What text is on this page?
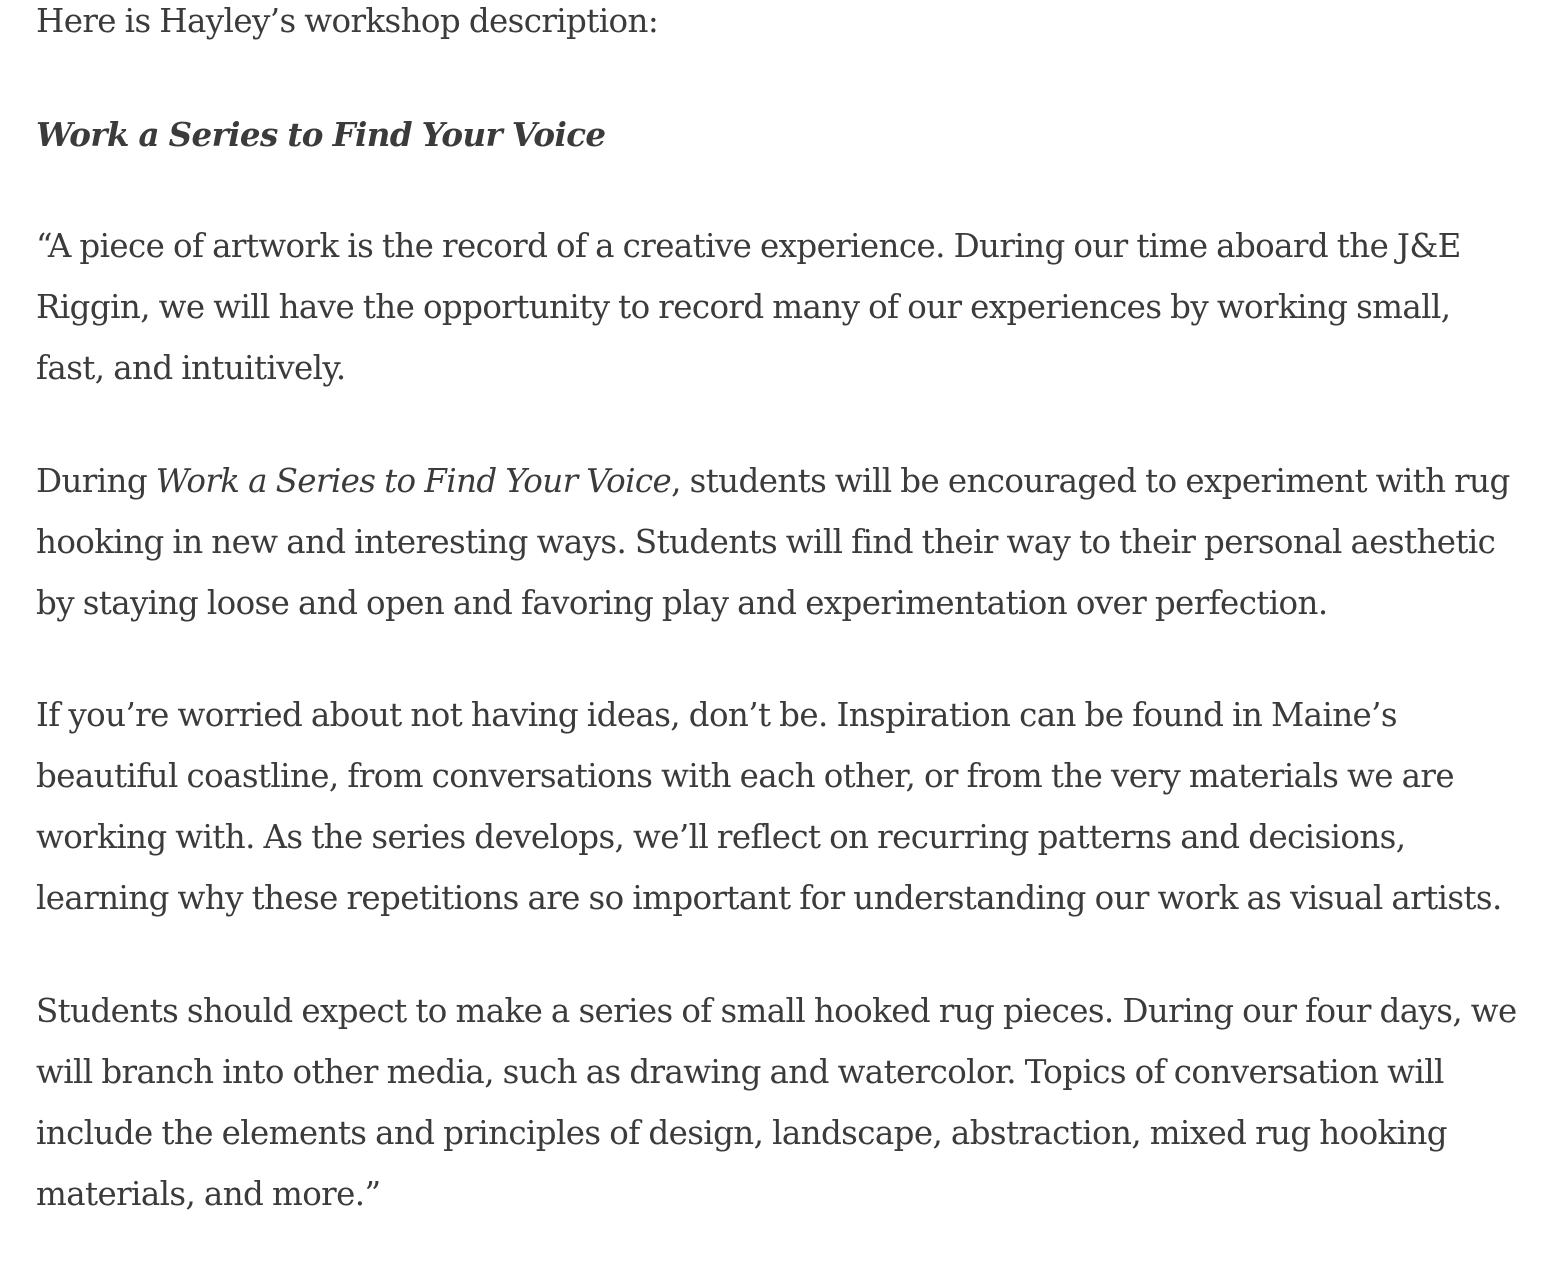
Here is Hayley’s workshop description:

Work a Series to Find Your Voice

“A piece of artwork is the record of a creative experience. During our time aboard the J&E

Riggin, we will have the opportunity to record many of our experiences by working small,

fast, and intuitively.

During Work a Series to Find Your Voice, students will be encouraged to experiment with rug

hooking in new and interesting ways. Students will find their way to their personal aesthetic

by staying loose and open and favoring play and experimentation over perfection.

If you’re worried about not having ideas, don’t be. Inspiration can be found in Maine’s

beautiful coastline, from conversations with each other, or from the very materials we are

working with. As the series develops, we’ll reflect on recurring patterns and decisions,

learning why these repetitions are so important for understanding our work as visual artists.

Students should expect to make a series of small hooked rug pieces. During our four days, we

will branch into other media, such as drawing and watercolor. Topics of conversation will

include the elements and principles of design, landscape, abstraction, mixed rug hooking

materials, and more.”
